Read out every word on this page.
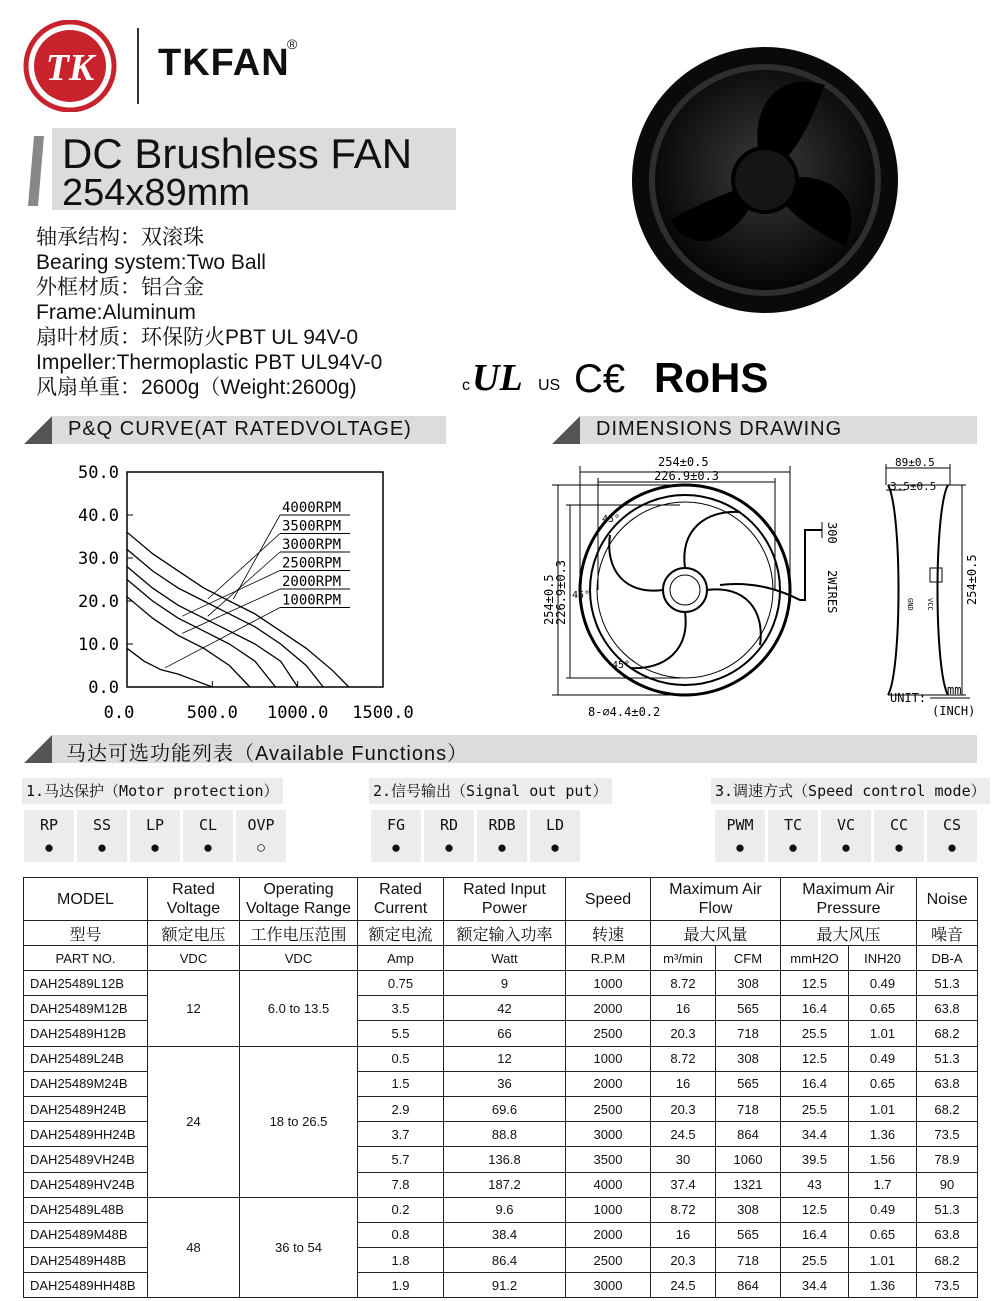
TK TKFAN
®
DC Brushless FAN
254x89mm
轴承结构：双滚珠
Bearing system:Two Ball
外框材质：铝合金
Frame:Aluminum
扇叶材质：环保防火PBT UL 94V-0
Impeller:Thermoplastic PBT UL94V-0
风扇单重：2600g（Weight:2600g)	c UL US C€ RoHS
P&Q CURVE(AT RATEDVOLTAGE)	DIMENSIONS DRAWING
0.0
10.0
20.0
30.0
40.0
50.0
0.0	500.0 1000.0 1500.0
4000RPM
3500RPM
3000RPM
2500RPM
2000RPM
1000RPM
254±0.5
226.9±0.3
254±0.5
226.9±0.3
45°
45°
45°
8-⌀4.4±0.2
300
2WIRES
89±0.5
3.5±0.5
254±0.5
GND VCC
UNIT:
mm
(INCH)
马达可选功能列表（Available Functions）
1.马达保护（Motor protection）	2.信号输出（Signal out put）	3.调速方式（Speed control mode）
RP
●
SS
●
LP
●
CL
●
OVP
○
FG
●
RD
●
RDB
●
LD
●
PWM
●
TC
●
VC
●
CC
●
CS
●
MODEL	Rated Voltage	Operating Voltage Range	Rated Current	Rated Input Power	Speed	Maximum Air Flow		Maximum Air Pressure		Noise
型号	额定电压	工作电压范围	额定电流	额定输入功率	转速	最大风量		最大风压		噪音
PART NO.	VDC	VDC	Amp	Watt	R.P.M	m³/min	CFM	mmH2O	INH20	DB-A
DAH25489L12B	12	6.0 to 13.5	0.75	9	1000	8.72	308	12.5	0.49	51.3
DAH25489M12B			3.5	42	2000	16	565	16.4	0.65	63.8
DAH25489H12B			5.5	66	2500	20.3	718	25.5	1.01	68.2
DAH25489L24B	24	18 to 26.5	0.5	12	1000	8.72	308	12.5	0.49	51.3
DAH25489M24B			1.5	36	2000	16	565	16.4	0.65	63.8
DAH25489H24B			2.9	69.6	2500	20.3	718	25.5	1.01	68.2
DAH25489HH24B			3.7	88.8	3000	24.5	864	34.4	1.36	73.5
DAH25489VH24B			5.7	136.8	3500	30	1060	39.5	1.56	78.9
DAH25489HV24B			7.8	187.2	4000	37.4	1321	43	1.7	90
DAH25489L48B	48	36 to 54	0.2	9.6	1000	8.72	308	12.5	0.49	51.3
DAH25489M48B			0.8	38.4	2000	16	565	16.4	0.65	63.8
DAH25489H48B			1.8	86.4	2500	20.3	718	25.5	1.01	68.2
DAH25489HH48B			1.9	91.2	3000	24.5	864	34.4	1.36	73.5
